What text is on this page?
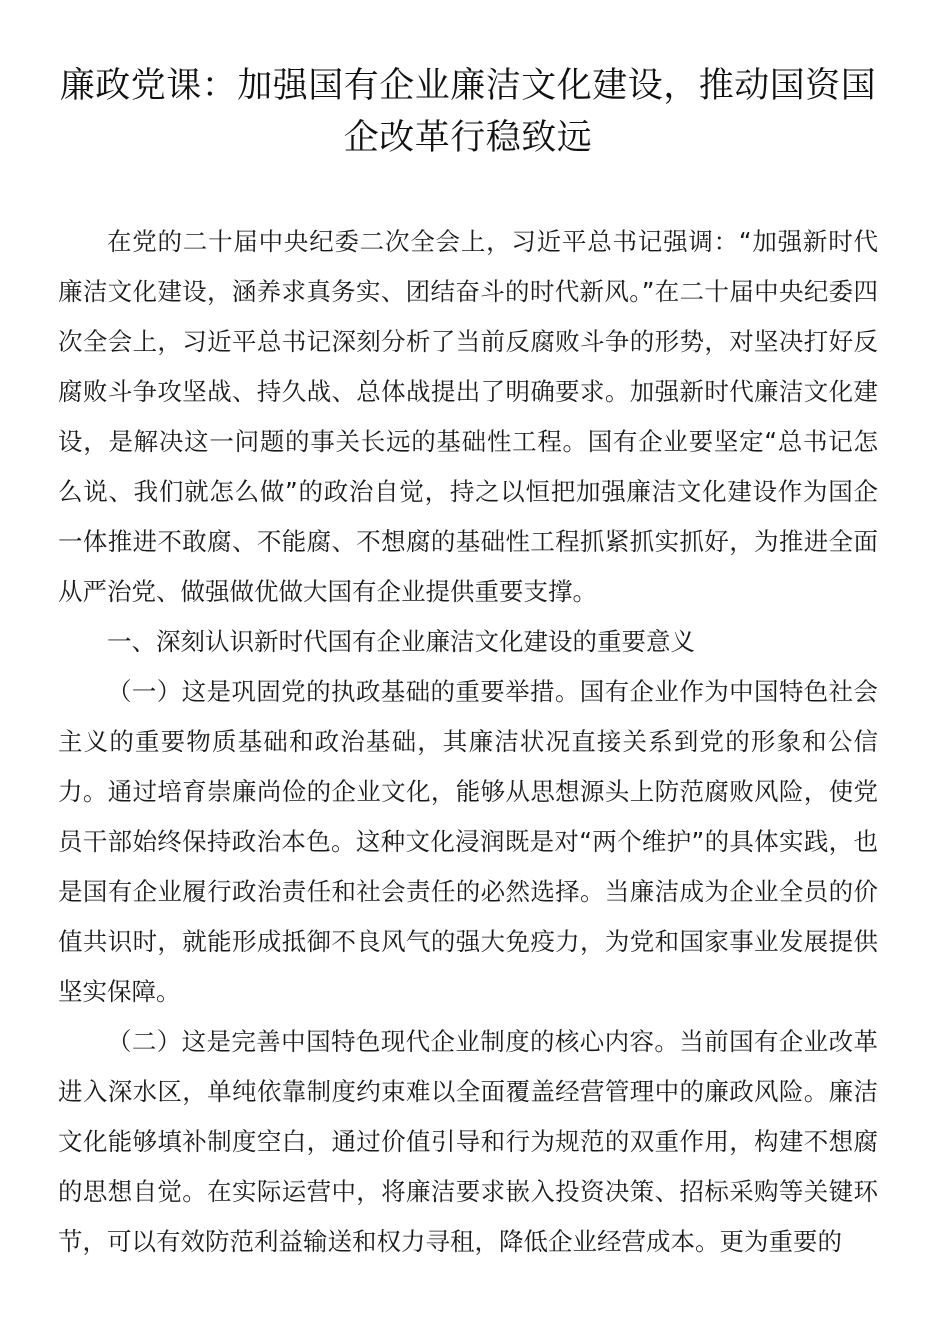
廉政党课：加强国有企业廉洁文化建设，推动国资国企改革行稳致远

在党的二十届中央纪委二次全会上，习近平总书记强调：“加强新时代廉洁文化建设，涵养求真务实、团结奋斗的时代新风。”在二十届中央纪委四次全会上，习近平总书记深刻分析了当前反腐败斗争的形势，对坚决打好反腐败斗争攻坚战、持久战、总体战提出了明确要求。加强新时代廉洁文化建设，是解决这一问题的事关长远的基础性工程。国有企业要坚定“总书记怎么说、我们就怎么做”的政治自觉，持之以恒把加强廉洁文化建设作为国企一体推进不敢腐、不能腐、不想腐的基础性工程抓紧抓实抓好，为推进全面从严治党、做强做优做大国有企业提供重要支撑。

一、深刻认识新时代国有企业廉洁文化建设的重要意义

（一）这是巩固党的执政基础的重要举措。国有企业作为中国特色社会主义的重要物质基础和政治基础，其廉洁状况直接关系到党的形象和公信力。通过培育崇廉尚俭的企业文化，能够从思想源头上防范腐败风险，使党员干部始终保持政治本色。这种文化浸润既是对“两个维护”的具体实践，也是国有企业履行政治责任和社会责任的必然选择。当廉洁成为企业全员的价值共识时，就能形成抵御不良风气的强大免疫力，为党和国家事业发展提供坚实保障。

（二）这是完善中国特色现代企业制度的核心内容。当前国有企业改革进入深水区，单纯依靠制度约束难以全面覆盖经营管理中的廉政风险。廉洁文化能够填补制度空白，通过价值引导和行为规范的双重作用，构建不想腐的思想自觉。在实际运营中，将廉洁要求嵌入投资决策、招标采购等关键环节，可以有效防范利益输送和权力寻租，降低企业经营成本。更为重要的
